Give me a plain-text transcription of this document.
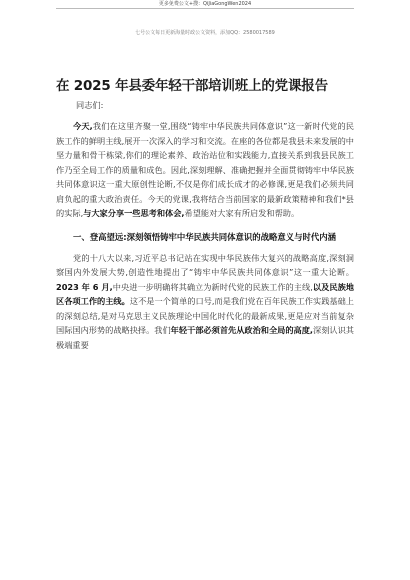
更多免费公文+搜：QiJiaGongWen2024
七号公文每日更新海量时政公文资料，添加QQ：2580017589
在 2025 年县委年轻干部培训班上的党课报告
同志们:

今天,我们在这里齐聚一堂,围绕“铸牢中华民族共同体意识”这一新时代党的民族工作的鲜明主线,展开一次深入的学习和交流。在座的各位都是我县未来发展的中坚力量和骨干栋梁,你们的理论素养、政治站位和实践能力,直接关系到我县民族工作乃至全局工作的质量和成色。因此,深刻理解、准确把握并全面贯彻铸牢中华民族共同体意识这一重大原创性论断,不仅是你们成长成才的必修课,更是我们必须共同肩负起的重大政治责任。今天的党课,我将结合当前国家的最新政策精神和我们*县的实际,与大家分享一些思考和体会,希望能对大家有所启发和帮助。

一、登高望远:深刻领悟铸牢中华民族共同体意识的战略意义与时代内涵

党的十八大以来,习近平总书记站在实现中华民族伟大复兴的战略高度,深刻洞察国内外发展大势,创造性地提出了“铸牢中华民族共同体意识”这一重大论断。2023 年 6 月,中央进一步明确将其确立为新时代党的民族工作的主线,以及民族地区各项工作的主线。这不是一个简单的口号,而是我们党在百年民族工作实践基础上的深刻总结,是对马克思主义民族理论中国化时代化的最新成果,更是应对当前复杂国际国内形势的战略抉择。我们年轻干部必须首先从政治和全局的高度,深刻认识其极端重要
